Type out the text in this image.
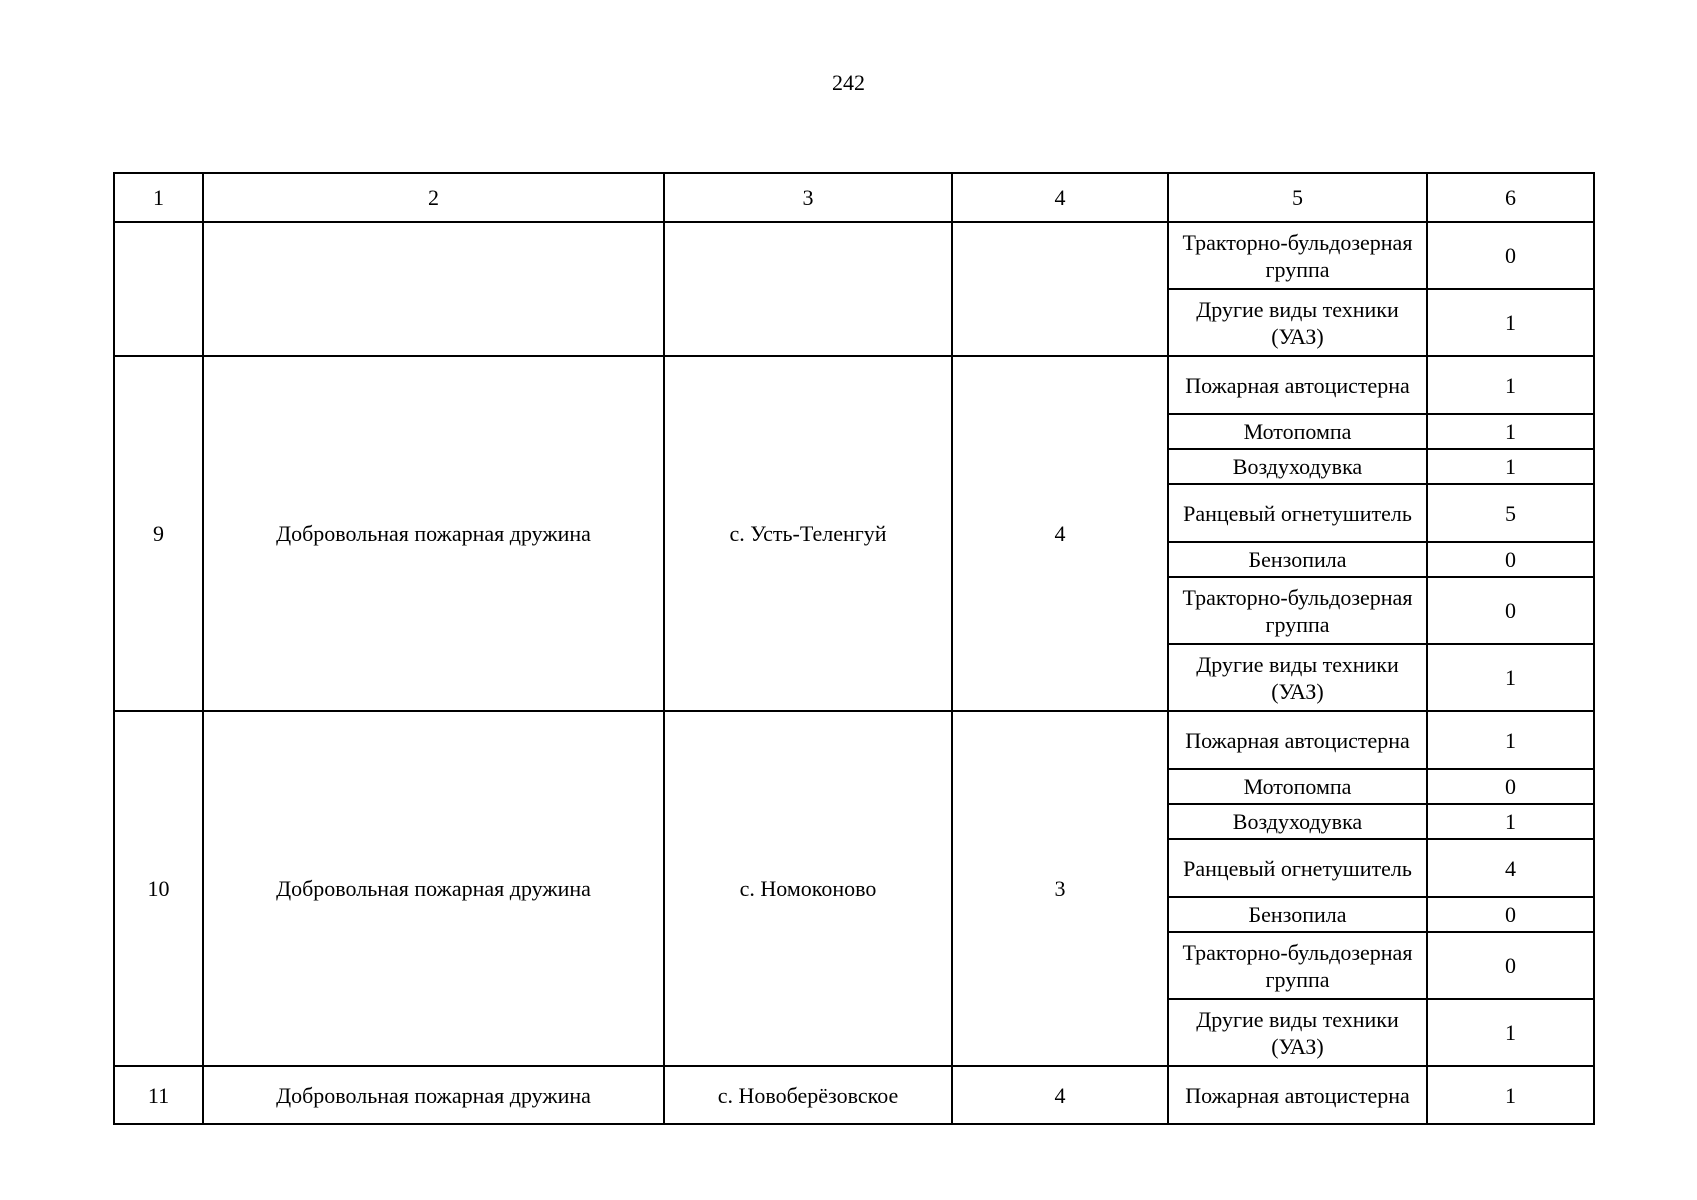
242
1	2	3	4	5	6
				Тракторно-бульдозерная группа	0
				Другие виды техники (УАЗ)	1
9	Добровольная пожарная дружина	с. Усть-Теленгуй	4	Пожарная автоцистерна	1
				Мотопомпа	1
				Воздуходувка	1
				Ранцевый огнетушитель	5
				Бензопила	0
				Тракторно-бульдозерная группа	0
				Другие виды техники (УАЗ)	1
10	Добровольная пожарная дружина	с. Номоконово	3	Пожарная автоцистерна	1
				Мотопомпа	0
				Воздуходувка	1
				Ранцевый огнетушитель	4
				Бензопила	0
				Тракторно-бульдозерная группа	0
				Другие виды техники (УАЗ)	1
11	Добровольная пожарная дружина	с. Новоберёзовское	4	Пожарная автоцистерна	1
